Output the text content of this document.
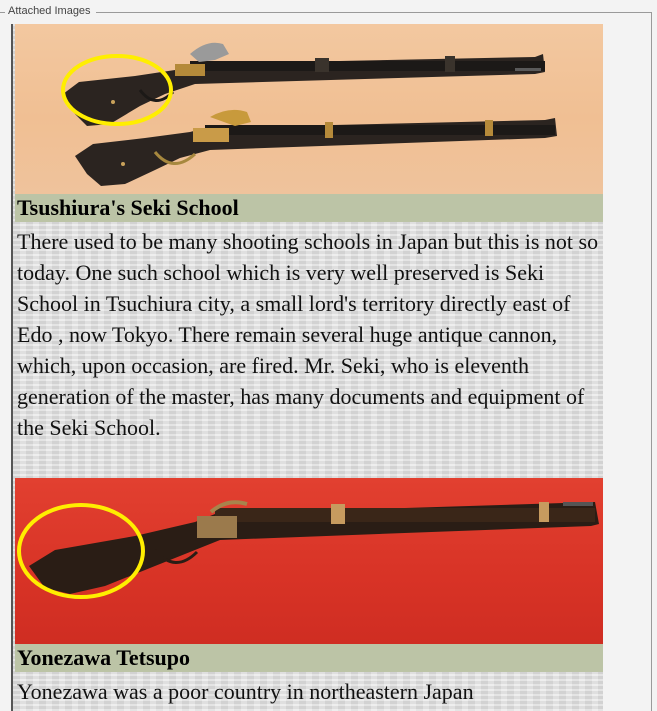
Attached Images
Tsushiura's Seki School

There used to be many shooting schools in Japan but this is not so today. One such school which is very well preserved is Seki School in Tsuchiura city, a small lord's territory directly east of Edo , now Tokyo. There remain several huge antique cannon, which, upon occasion, are fired. Mr. Seki, who is eleventh generation of the master, has many documents and equipment of the Seki School.

Yonezawa Tetsupo

Yonezawa was a poor country in northeastern Japan
